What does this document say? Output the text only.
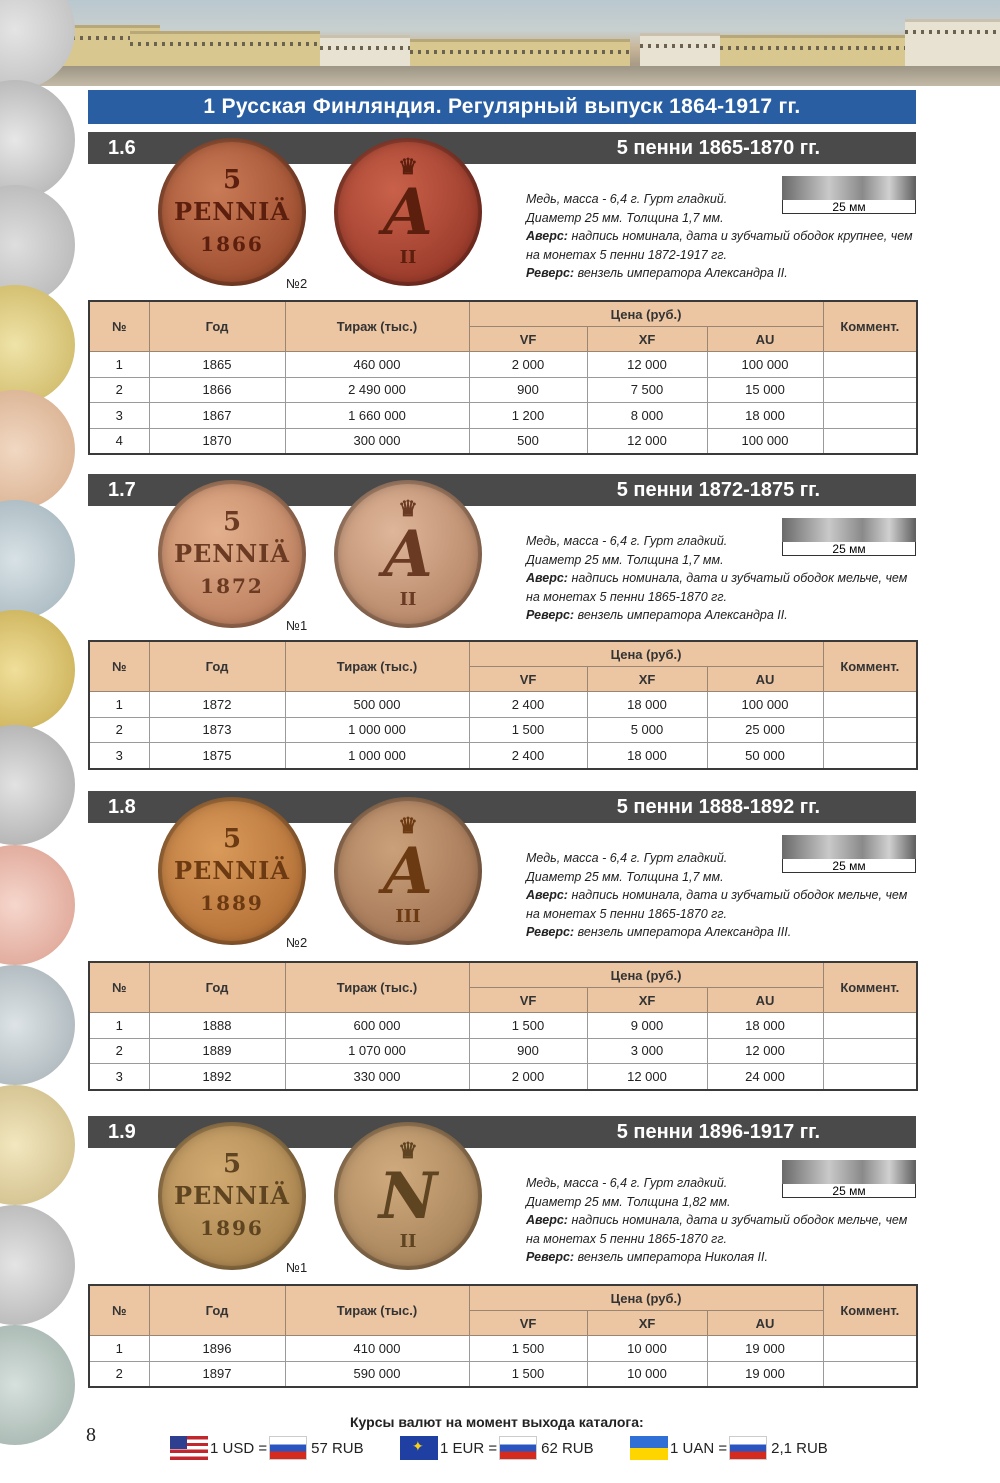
1 Русская Финляндия. Регулярный выпуск 1864-1917 гг.
1.6	5 пенни 1865-1870 гг.
5
PENNIÄ
1866
♛
A
II
№2
Медь, масса - 6,4 г. Гурт гладкий.
Диаметр 25 мм. Толщина 1,7 мм.
Аверс: надпись номинала, дата и зубчатый ободок крупнее, чем на монетах 5 пенни 1872-1917 гг.
Реверс: вензель императора Александра II.
25 мм
№	Год	Тираж (тыс.)	Цена (руб.)			Коммент.
			VF	XF	AU	
1	1865	460 000	2 000	12 000	100 000	
2	1866	2 490 000	900	7 500	15 000	
3	1867	1 660 000	1 200	8 000	18 000	
4	1870	300 000	500	12 000	100 000	
1.7	5 пенни 1872-1875 гг.
5
PENNIÄ
1872
♛
A
II
№1
Медь, масса - 6,4 г. Гурт гладкий.
Диаметр 25 мм. Толщина 1,7 мм.
Аверс: надпись номинала, дата и зубчатый ободок мельче, чем на монетах 5 пенни 1865-1870 гг.
Реверс: вензель императора Александра II.
25 мм
№	Год	Тираж (тыс.)	Цена (руб.)			Коммент.
			VF	XF	AU	
1	1872	500 000	2 400	18 000	100 000	
2	1873	1 000 000	1 500	5 000	25 000	
3	1875	1 000 000	2 400	18 000	50 000	
1.8	5 пенни 1888-1892 гг.
5
PENNIÄ
1889
♛
A
III
№2
Медь, масса - 6,4 г. Гурт гладкий.
Диаметр 25 мм. Толщина 1,7 мм.
Аверс: надпись номинала, дата и зубчатый ободок мельче, чем на монетах 5 пенни 1865-1870 гг.
Реверс: вензель императора Александра III.
25 мм
№	Год	Тираж (тыс.)	Цена (руб.)			Коммент.
			VF	XF	AU	
1	1888	600 000	1 500	9 000	18 000	
2	1889	1 070 000	900	3 000	12 000	
3	1892	330 000	2 000	12 000	24 000	
1.9	5 пенни 1896-1917 гг.
5
PENNIÄ
1896
♛
N
II
№1
Медь, масса - 6,4 г. Гурт гладкий.
Диаметр 25 мм. Толщина 1,82 мм.
Аверс: надпись номинала, дата и зубчатый ободок мельче, чем на монетах 5 пенни 1865-1870 гг.
Реверс: вензель императора Николая II.
25 мм
№	Год	Тираж (тыс.)	Цена (руб.)			Коммент.
			VF	XF	AU	
1	1896	410 000	1 500	10 000	19 000	
2	1897	590 000	1 500	10 000	19 000	
8
Курсы валют на момент выхода каталога:
1 USD =	57 RUB ✦	1 EUR =	62 RUB	1 UAN =	2,1 RUB
